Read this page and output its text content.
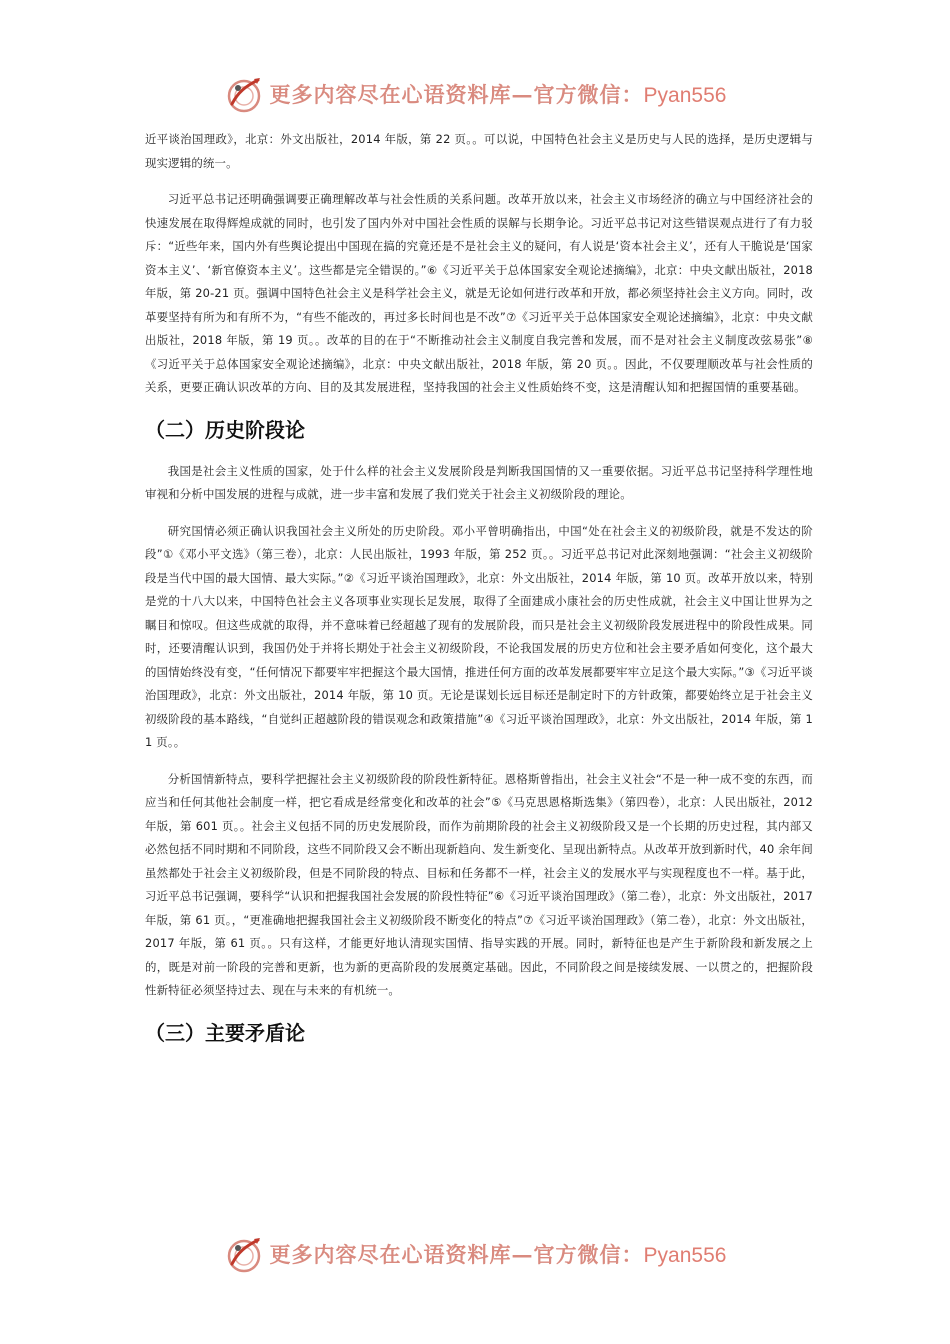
更多内容尽在心语资料库—官方微信：Pyan556

近平谈治国理政》，北京：外文出版社，2014 年版，第 22 页。。可以说，中国特色社会主义是历史与人民的选择，是历史逻辑与现实逻辑的统一。

习近平总书记还明确强调要正确理解改革与社会性质的关系问题。改革开放以来，社会主义市场经济的确立与中国经济社会的快速发展在取得辉煌成就的同时，也引发了国内外对中国社会性质的误解与长期争论。习近平总书记对这些错误观点进行了有力驳斥：“近些年来，国内外有些舆论提出中国现在搞的究竟还是不是社会主义的疑问，有人说是‘资本社会主义’，还有人干脆说是‘国家资本主义’、‘新官僚资本主义’。这些都是完全错误的。”⑥《习近平关于总体国家安全观论述摘编》，北京：中央文献出版社，2018 年版，第 20-21 页。强调中国特色社会主义是科学社会主义，就是无论如何进行改革和开放，都必须坚持社会主义方向。同时，改革要坚持有所为和有所不为，“有些不能改的，再过多长时间也是不改”⑦《习近平关于总体国家安全观论述摘编》，北京：中央文献出版社，2018 年版，第 19 页。。改革的目的在于“不断推动社会主义制度自我完善和发展，而不是对社会主义制度改弦易张”⑧《习近平关于总体国家安全观论述摘编》，北京：中央文献出版社，2018 年版，第 20 页。。因此，不仅要理顺改革与社会性质的关系，更要正确认识改革的方向、目的及其发展进程，坚持我国的社会主义性质始终不变，这是清醒认知和把握国情的重要基础。

（二）历史阶段论

我国是社会主义性质的国家，处于什么样的社会主义发展阶段是判断我国国情的又一重要依据。习近平总书记坚持科学理性地审视和分析中国发展的进程与成就，进一步丰富和发展了我们党关于社会主义初级阶段的理论。

研究国情必须正确认识我国社会主义所处的历史阶段。邓小平曾明确指出，中国“处在社会主义的初级阶段，就是不发达的阶段”①《邓小平文选》（第三卷），北京：人民出版社，1993 年版，第 252 页。。习近平总书记对此深刻地强调：“社会主义初级阶段是当代中国的最大国情、最大实际。”②《习近平谈治国理政》，北京：外文出版社，2014 年版，第 10 页。改革开放以来，特别是党的十八大以来，中国特色社会主义各项事业实现长足发展，取得了全面建成小康社会的历史性成就，社会主义中国让世界为之瞩目和惊叹。但这些成就的取得，并不意味着已经超越了现有的发展阶段，而只是社会主义初级阶段发展进程中的阶段性成果。同时，还要清醒认识到，我国仍处于并将长期处于社会主义初级阶段，不论我国发展的历史方位和社会主要矛盾如何变化，这个最大的国情始终没有变，“任何情况下都要牢牢把握这个最大国情，推进任何方面的改革发展都要牢牢立足这个最大实际。”③《习近平谈治国理政》，北京：外文出版社，2014 年版，第 10 页。无论是谋划长远目标还是制定时下的方针政策，都要始终立足于社会主义初级阶段的基本路线，“自觉纠正超越阶段的错误观念和政策措施”④《习近平谈治国理政》，北京：外文出版社，2014 年版，第 11 页。。

分析国情新特点，要科学把握社会主义初级阶段的阶段性新特征。恩格斯曾指出，社会主义社会“不是一种一成不变的东西，而应当和任何其他社会制度一样，把它看成是经常变化和改革的社会”⑤《马克思恩格斯选集》（第四卷），北京：人民出版社，2012 年版，第 601 页。。社会主义包括不同的历史发展阶段，而作为前期阶段的社会主义初级阶段又是一个长期的历史过程，其内部又必然包括不同时期和不同阶段，这些不同阶段又会不断出现新趋向、发生新变化、呈现出新特点。从改革开放到新时代，40 余年间虽然都处于社会主义初级阶段，但是不同阶段的特点、目标和任务都不一样，社会主义的发展水平与实现程度也不一样。基于此，习近平总书记强调，要科学“认识和把握我国社会发展的阶段性特征”⑥《习近平谈治国理政》（第二卷），北京：外文出版社，2017 年版，第 61 页。，“更准确地把握我国社会主义初级阶段不断变化的特点”⑦《习近平谈治国理政》（第二卷），北京：外文出版社，2017 年版，第 61 页。。只有这样，才能更好地认清现实国情、指导实践的开展。同时，新特征也是产生于新阶段和新发展之上的，既是对前一阶段的完善和更新，也为新的更高阶段的发展奠定基础。因此，不同阶段之间是接续发展、一以贯之的，把握阶段性新特征必须坚持过去、现在与未来的有机统一。

（三）主要矛盾论
更多内容尽在心语资料库—官方微信：Pyan556
